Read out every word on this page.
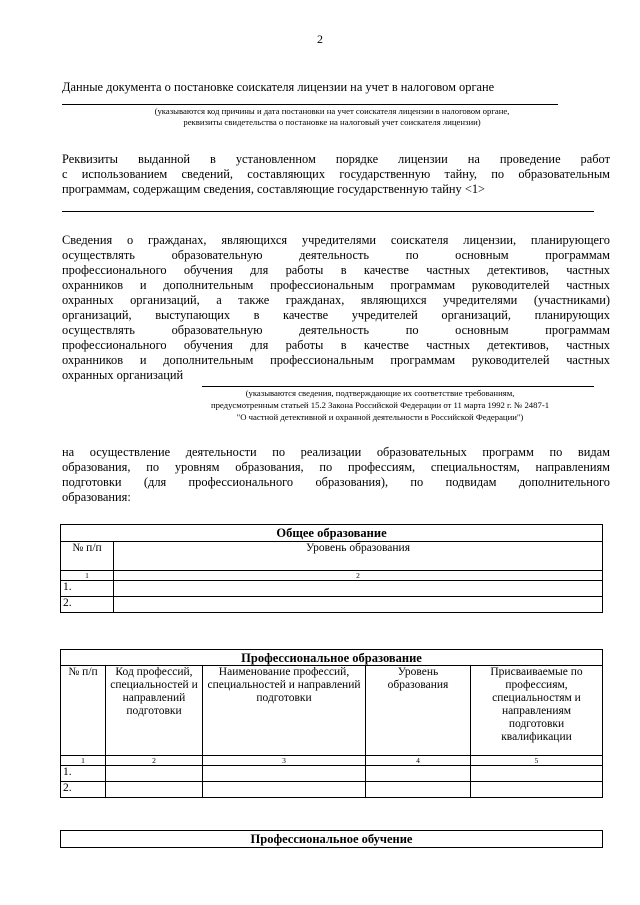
2
Данные документа о постановке соискателя лицензии на учет в налоговом органе
(указываются код причины и дата постановки на учет соискателя лицензии в налоговом органе,
реквизиты свидетельства о постановке на налоговый учет соискателя лицензии)
Реквизиты выданной в установленном порядке лицензии на проведение работ
с использованием сведений, составляющих государственную тайну, по образовательным
программам, содержащим сведения, составляющие государственную тайну <1>
Сведения о гражданах, являющихся учредителями соискателя лицензии, планирующего
осуществлять образовательную деятельность по основным программам
профессионального обучения для работы в качестве частных детективов, частных
охранников и дополнительным профессиональным программам руководителей частных
охранных организаций, а также гражданах, являющихся учредителями (участниками)
организаций, выступающих в качестве учредителей организаций, планирующих
осуществлять образовательную деятельность по основным программам
профессионального обучения для работы в качестве частных детективов, частных
охранников и дополнительным профессиональным программам руководителей частных
охранных организаций
(указываются сведения, подтверждающие их соответствие требованиям,
предусмотренным статьей 15.2 Закона Российской Федерации от 11 марта 1992 г. № 2487-1
"О частной детективной и охранной деятельности в Российской Федерации")
на осуществление деятельности по реализации образовательных программ по видам
образования, по уровням образования, по профессиям, специальностям, направлениям
подготовки (для профессионального образования), по подвидам дополнительного
образования:
Общее образование	
№ п/п	Уровень образования
1	2
1.	
2.	
Профессиональное образование				
№ п/п	Код профессий, специальностей и направлений подготовки	Наименование профессий, специальностей и направлений подготовки	Уровень образования	Присваиваемые по профессиям, специальностям и направлениям подготовки квалификации
1	2	3	4	5
1.				
2.				
Профессиональное обучение
